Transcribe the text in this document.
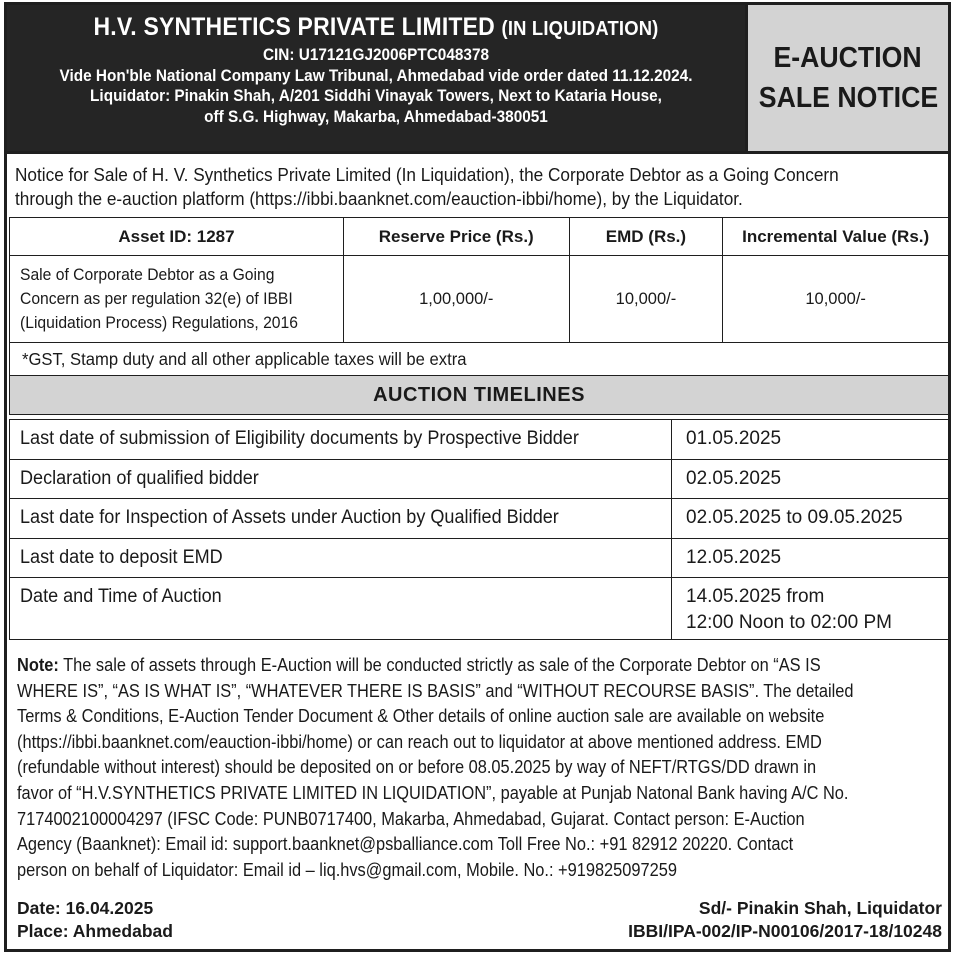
H.V. SYNTHETICS PRIVATE LIMITED (IN LIQUIDATION)
CIN: U17121GJ2006PTC048378
Vide Hon'ble National Company Law Tribunal, Ahmedabad vide order dated 11.12.2024.
Liquidator: Pinakin Shah, A/201 Siddhi Vinayak Towers, Next to Kataria House,
off S.G. Highway, Makarba, Ahmedabad-380051
E-AUCTION
SALE NOTICE
Notice for Sale of H. V. Synthetics Private Limited (In Liquidation), the Corporate Debtor as a Going Concern
through the e-auction platform (https://ibbi.baanknet.com/eauction-ibbi/home), by the Liquidator.
Asset ID: 1287	Reserve Price (Rs.)	EMD (Rs.)	Incremental Value (Rs.)
Sale of Corporate Debtor as a Going
Concern as per regulation 32(e) of IBBI
(Liquidation Process) Regulations, 2016	1,00,000/-	10,000/-	10,000/-
*GST, Stamp duty and all other applicable taxes will be extra			
AUCTION TIMELINES			
Last date of submission of Eligibility documents by Prospective Bidder	01.05.2025
Declaration of qualified bidder	02.05.2025
Last date for Inspection of Assets under Auction by Qualified Bidder	02.05.2025 to 09.05.2025
Last date to deposit EMD	12.05.2025
Date and Time of Auction	14.05.2025 from
12:00 Noon to 02:00 PM
Note: The sale of assets through E-Auction will be conducted strictly as sale of the Corporate Debtor on “AS IS
WHERE IS”, “AS IS WHAT IS”, “WHATEVER THERE IS BASIS” and “WITHOUT RECOURSE BASIS”. The detailed
Terms & Conditions, E-Auction Tender Document & Other details of online auction sale are available on website
(https://ibbi.baanknet.com/eauction-ibbi/home) or can reach out to liquidator at above mentioned address. EMD
(refundable without interest) should be deposited on or before 08.05.2025 by way of NEFT/RTGS/DD drawn in
favor of “H.V.SYNTHETICS PRIVATE LIMITED IN LIQUIDATION”, payable at Punjab Natonal Bank having A/C No.
7174002100004297 (IFSC Code: PUNB0717400, Makarba, Ahmedabad, Gujarat. Contact person: E-Auction
Agency (Baanknet): Email id: support.baanknet@psballiance.com Toll Free No.: +91 82912 20220. Contact
person on behalf of Liquidator: Email id – liq.hvs@gmail.com, Mobile. No.: +919825097259
Date: 16.04.2025
Place: Ahmedabad
Sd/- Pinakin Shah, Liquidator
IBBI/IPA-002/IP-N00106/2017-18/10248
